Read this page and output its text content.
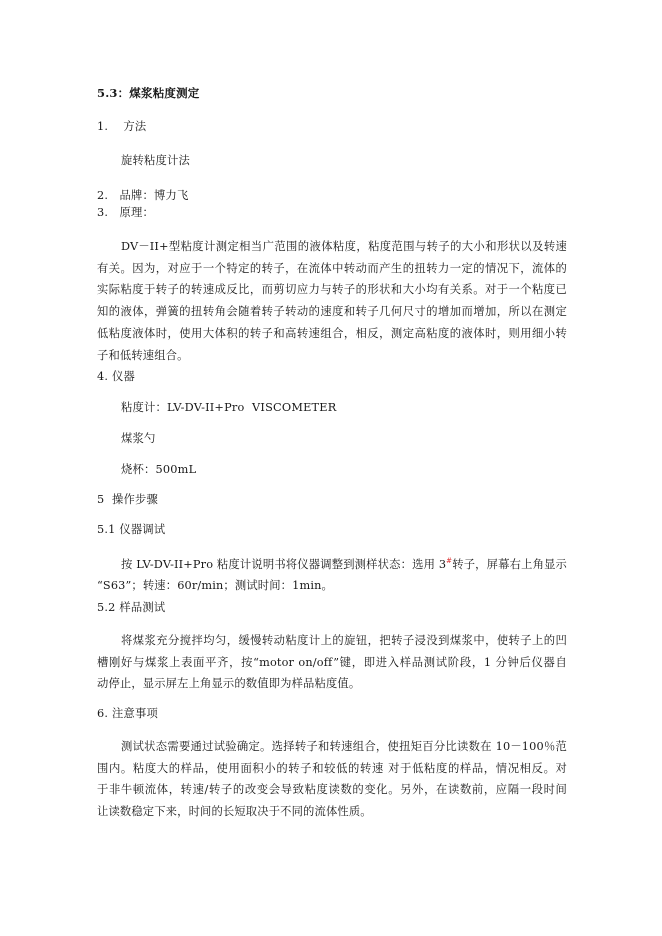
5.3：煤浆粘度测定
1.    方法
旋转粘度计法
2.   品牌：博力飞
3.   原理：
DV－II+型粘度计测定相当广范围的液体粘度，粘度范围与转子的大小和形状以及转速
有关。因为，对应于一个特定的转子，在流体中转动而产生的扭转力一定的情况下，流体的
实际粘度于转子的转速成反比，而剪切应力与转子的形状和大小均有关系。对于一个粘度已
知的液体，弹簧的扭转角会随着转子转动的速度和转子几何尺寸的增加而增加，所以在测定
低粘度液体时，使用大体积的转子和高转速组合，相反，测定高粘度的液体时，则用细小转
子和低转速组合。
4. 仪器
粘度计：LV-DV-II+Pro  VISCOMETER
煤浆勺
烧杯：500mL
5  操作步骤
5.1 仪器调试
按 LV-DV-II+Pro 粘度计说明书将仪器调整到测样状态：选用 3#转子，屏幕右上角显示
“S63”；转速：60r/min；测试时间：1min。
5.2 样品测试
将煤浆充分搅拌均匀，缓慢转动粘度计上的旋钮，把转子浸没到煤浆中，使转子上的凹
槽刚好与煤浆上表面平齐，按“motor on/off”键，即进入样品测试阶段，1 分钟后仪器自
动停止，显示屏左上角显示的数值即为样品粘度值。
6. 注意事项
测试状态需要通过试验确定。选择转子和转速组合，使扭矩百分比读数在 10－100％范
围内。粘度大的样品，使用面积小的转子和较低的转速 对于低粘度的样品，情况相反。对
于非牛顿流体，转速/转子的改变会导致粘度读数的变化。另外，在读数前，应隔一段时间
让读数稳定下来，时间的长短取决于不同的流体性质。
